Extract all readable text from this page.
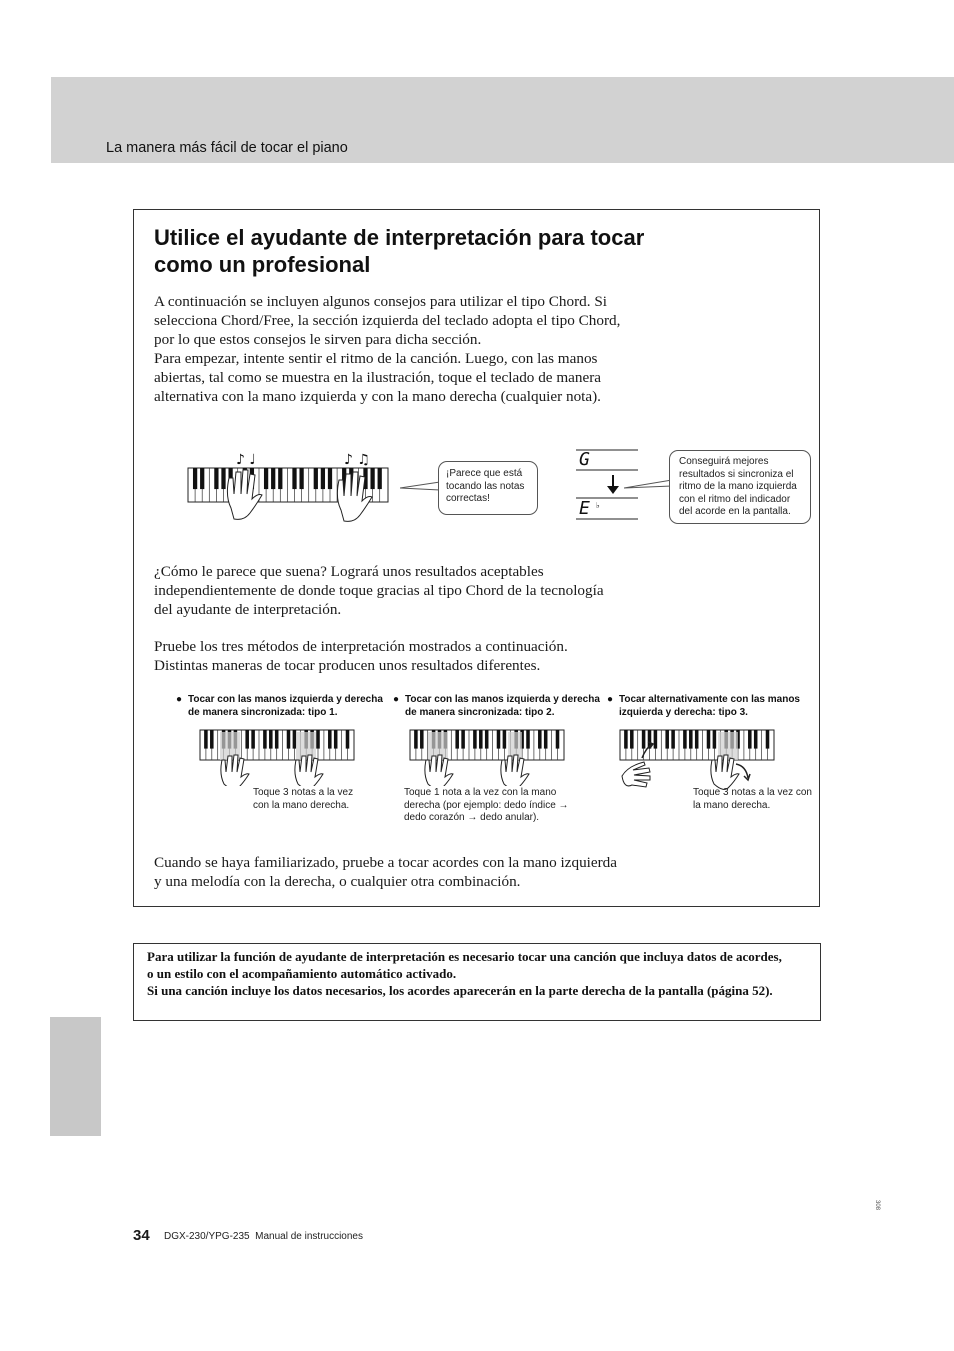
La manera más fácil de tocar el piano
Utilice el ayudante de interpretación para tocar como un profesional

A continuación se incluyen algunos consejos para utilizar el tipo Chord. Si selecciona Chord/Free, la sección izquierda del teclado adopta el tipo Chord, por lo que estos consejos le sirven para dicha sección.
Para empezar, intente sentir el ritmo de la canción. Luego, con las manos abiertas, tal como se muestra en la ilustración, toque el teclado de manera alternativa con la mano izquierda y con la mano derecha (cualquier nota).

♪ ♩	♪ ♫
¡Parece que está tocando las notas correctas!
G
E ♭
Conseguirá mejores resultados si sincroniza el ritmo de la mano izquierda con el ritmo del indicador del acorde en la pantalla.

¿Cómo le parece que suena? Logrará unos resultados aceptables independientemente de donde toque gracias al tipo Chord de la tecnología del ayudante de interpretación.

Pruebe los tres métodos de interpretación mostrados a continuación. Distintas maneras de tocar producen unos resultados diferentes.

● Tocar con las manos izquierda y derecha de manera sincronizada: tipo 1.
● Tocar con las manos izquierda y derecha de manera sincronizada: tipo 2.
● Tocar alternativamente con las manos izquierda y derecha: tipo 3.
Toque 3 notas a la vez con la mano derecha.
Toque 1 nota a la vez con la mano derecha (por ejemplo: dedo índice → dedo corazón → dedo anular).
Toque 3 notas a la vez con la mano derecha.

Cuando se haya familiarizado, pruebe a tocar acordes con la mano izquierda y una melodía con la derecha, o cualquier otra combinación.

Para utilizar la función de ayudante de interpretación es necesario tocar una canción que incluya datos de acordes, o un estilo con el acompañamiento automático activado.
Si una canción incluye los datos necesarios, los acordes aparecerán en la parte derecha de la pantalla (página 52).

34 DGX-230/YPG-235  Manual de instrucciones
308
